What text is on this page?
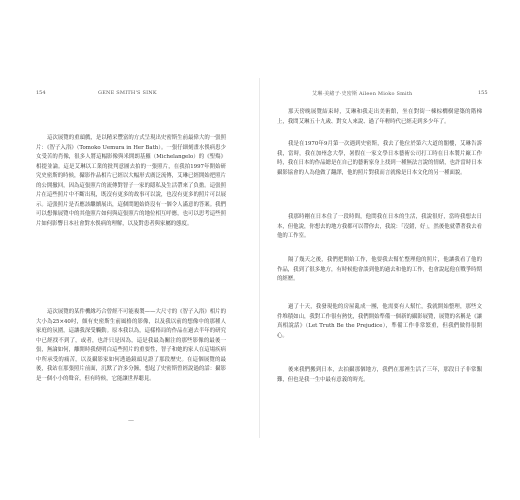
154	GENE SMITH'S SINK
這次展覽的重頭戲，是以精采豐富的方式呈現出史密斯生前最偉大的一張照片：《智子入浴》（Tomoko Uemura in Her Bath）。一張仔細刻畫水俁病患少女受苦的肖像，很多人將這幅影像與米開朗基羅（Michelangelo）的《聖殤》相提並論。這是艾琳以工業的批判意圖去拍的一張照片，在我拍1997年開始研究史密斯的時候，攝影作品相片已經以大幅形式廣泛流傳，艾琳已經開始把照片的公開撤回，因為這張照片的流傳對智子一家的隱私及生活帶來了負擔。這張照片在這些照片中不斷出現，既沒有更多的故事可以說，也沒有更多的照片可以展示。這張照片是否應該繼續展出，這個問題始終沒有一個令人滿意的答案。我們可以想像展覽中的其他照片如何與這張照片的地位相互呼應，也可以思考這些照片如何影響日本社會對水俁病的理解，以及對患者與家屬的態度。
這次展覽的某件機緣巧合曾經不可能複製——大尺寸的《智子入浴》相片的大小為25×40吋，頗有史密斯生前風格的影像，以及我以前的想像中的那種人家庭的氛圍，這讓我深受觸動。原本我以為，這樣格局的作品在過去半年的研究中已經找不到了，或者，也許只是因為，這是我最為關注的那些影像的最後一張，無論如何，離開時我便明白這些照片的重要性，智子和她的家人在這場疾病中所承受的痛苦，以及攝影家如何透過鏡頭見證了那段歷史。在這個展覽的最後，我站在那張照片前面，沉默了許多分鐘，想起了史密斯曾經說過的話：攝影是一個小小的聲音，但有時候，它能讓世界聽見。
—
艾琳·美緒子·史密斯 Aileen Mioko Smith	155
那天傍晚展覽結束時，艾琳和我走出美術館，坐在對街一棟棕櫚樹建築的階梯上，我問艾琳五十九歲、對女人來說、過了年輕時代已經走到多少年了。
我是在1970年9月第一次遇到史密斯，我去了他位於第六大道的閣樓，艾琳告訴我，當時，我在加州念大學，暑假在一家文學日本藝術公司打工時在日本製片廠工作時，我在日本的作品總是在自己的藝術家身上找到一種無法言說的情緒，也許當時日本攝影協會的人為他做了翻譯，他的照片對我而言就像是日本文化的另一種面貌。
我那時剛在日本住了一段時間，他問我在日本的生活，我說很好，當時我想去日本，但他說，你想去的地方我都可以帶你去，我說：「沒錯，好」，然後他就帶著我去看他的工作室。
隔了幾天之後，我們把開始工作，他要我去幫忙整理他的照片，他讓我看了他的作品，我到了很多地方，有時候他會談到他的過去和他的工作，也會說起他在戰爭時期的經歷。
過了十天，我發現他的房屋亂成一團，他需要有人幫忙，我就開始整理，那些文件堆積如山，我對工作很有熱忱，我們開始準備一個新的攝影展覽，展覽的名稱是《讓真相說話》（Let Truth Be the Prejudice），準備工作非常繁重，但我們做得很開心。
後來我們搬到日本，去拍攝那個地方，我們在那裡生活了三年，那段日子非常艱難，但也是我一生中最有意義的時光。
